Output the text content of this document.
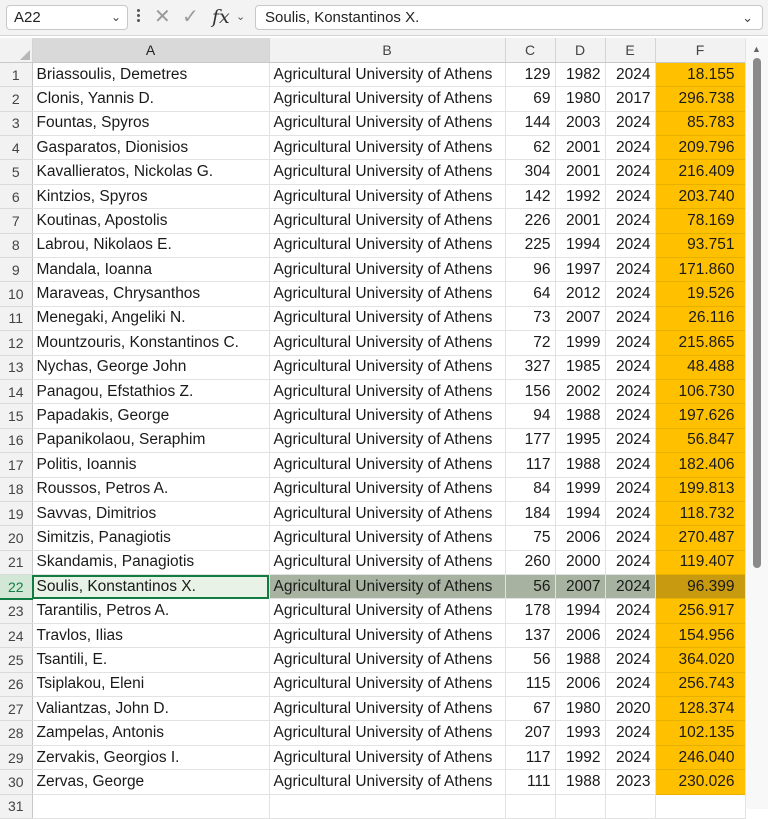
A22	⌄ ✕ ✓ fx ⌄	Soulis, Konstantinos X.	⌄
	A	B	C	D	E	F
1	Briassoulis, Demetres	Agricultural University of Athens	129	1982	2024	18.155
2	Clonis, Yannis D.	Agricultural University of Athens	69	1980	2017	296.738
3	Fountas, Spyros	Agricultural University of Athens	144	2003	2024	85.783
4	Gasparatos, Dionisios	Agricultural University of Athens	62	2001	2024	209.796
5	Kavallieratos, Nickolas G.	Agricultural University of Athens	304	2001	2024	216.409
6	Kintzios, Spyros	Agricultural University of Athens	142	1992	2024	203.740
7	Koutinas, Apostolis	Agricultural University of Athens	226	2001	2024	78.169
8	Labrou, Nikolaos E.	Agricultural University of Athens	225	1994	2024	93.751
9	Mandala, Ioanna	Agricultural University of Athens	96	1997	2024	171.860
10	Maraveas, Chrysanthos	Agricultural University of Athens	64	2012	2024	19.526
11	Menegaki, Angeliki N.	Agricultural University of Athens	73	2007	2024	26.116
12	Mountzouris, Konstantinos C.	Agricultural University of Athens	72	1999	2024	215.865
13	Nychas, George John	Agricultural University of Athens	327	1985	2024	48.488
14	Panagou, Efstathios Z.	Agricultural University of Athens	156	2002	2024	106.730
15	Papadakis, George	Agricultural University of Athens	94	1988	2024	197.626
16	Papanikolaou, Seraphim	Agricultural University of Athens	177	1995	2024	56.847
17	Politis, Ioannis	Agricultural University of Athens	117	1988	2024	182.406
18	Roussos, Petros A.	Agricultural University of Athens	84	1999	2024	199.813
19	Savvas, Dimitrios	Agricultural University of Athens	184	1994	2024	118.732
20	Simitzis, Panagiotis	Agricultural University of Athens	75	2006	2024	270.487
21	Skandamis, Panagiotis	Agricultural University of Athens	260	2000	2024	119.407
22	Soulis, Konstantinos X.	Agricultural University of Athens	56	2007	2024	96.399
23	Tarantilis, Petros A.	Agricultural University of Athens	178	1994	2024	256.917
24	Travlos, Ilias	Agricultural University of Athens	137	2006	2024	154.956
25	Tsantili, E.	Agricultural University of Athens	56	1988	2024	364.020
26	Tsiplakou, Eleni	Agricultural University of Athens	115	2006	2024	256.743
27	Valiantzas, John D.	Agricultural University of Athens	67	1980	2020	128.374
28	Zampelas, Antonis	Agricultural University of Athens	207	1993	2024	102.135
29	Zervakis, Georgios I.	Agricultural University of Athens	117	1992	2024	246.040
30	Zervas, George	Agricultural University of Athens	111	1988	2023	230.026
31						
▲
